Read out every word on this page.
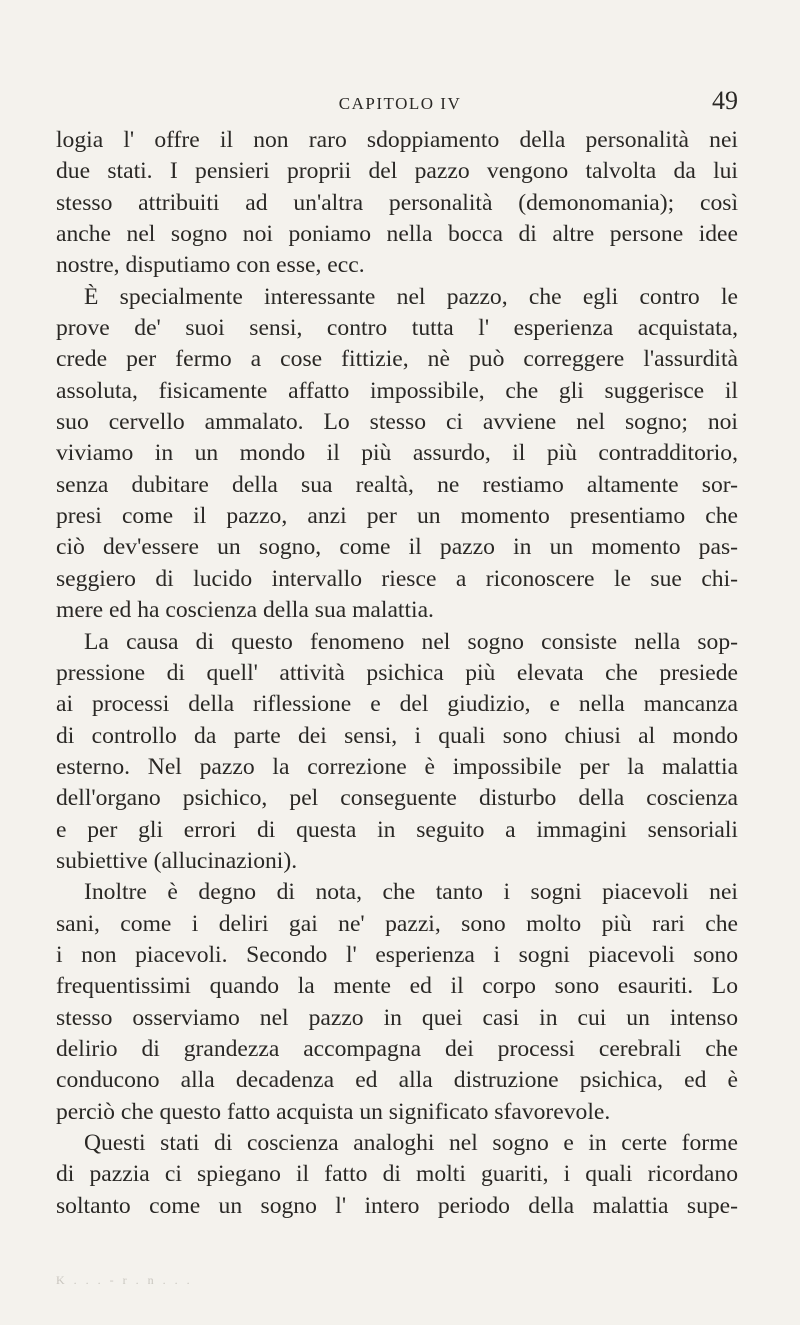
CAPITOLO IV	49
logia l' offre il non raro sdoppiamento della personalità nei
due stati. I pensieri proprii del pazzo vengono talvolta da lui
stesso attribuiti ad un'altra personalità (demonomania); così
anche nel sogno noi poniamo nella bocca di altre persone idee
nostre, disputiamo con esse, ecc.
È specialmente interessante nel pazzo, che egli contro le
prove de' suoi sensi, contro tutta l' esperienza acquistata,
crede per fermo a cose fittizie, nè può correggere l'assurdità
assoluta, fisicamente affatto impossibile, che gli suggerisce il
suo cervello ammalato. Lo stesso ci avviene nel sogno; noi
viviamo in un mondo il più assurdo, il più contradditorio,
senza dubitare della sua realtà, ne restiamo altamente sor-
presi come il pazzo, anzi per un momento presentiamo che
ciò dev'essere un sogno, come il pazzo in un momento pas-
seggiero di lucido intervallo riesce a riconoscere le sue chi-
mere ed ha coscienza della sua malattia.
La causa di questo fenomeno nel sogno consiste nella sop-
pressione di quell' attività psichica più elevata che presiede
ai processi della riflessione e del giudizio, e nella mancanza
di controllo da parte dei sensi, i quali sono chiusi al mondo
esterno. Nel pazzo la correzione è impossibile per la malattia
dell'organo psichico, pel conseguente disturbo della coscienza
e per gli errori di questa in seguito a immagini sensoriali
subiettive (allucinazioni).
Inoltre è degno di nota, che tanto i sogni piacevoli nei
sani, come i deliri gai ne' pazzi, sono molto più rari che
i non piacevoli. Secondo l' esperienza i sogni piacevoli sono
frequentissimi quando la mente ed il corpo sono esauriti. Lo
stesso osserviamo nel pazzo in quei casi in cui un intenso
delirio di grandezza accompagna dei processi cerebrali che
conducono alla decadenza ed alla distruzione psichica, ed è
perciò che questo fatto acquista un significato sfavorevole.
Questi stati di coscienza analoghi nel sogno e in certe forme
di pazzia ci spiegano il fatto di molti guariti, i quali ricordano
soltanto come un sogno l' intero periodo della malattia supe-
K . . . - r . n . . .
